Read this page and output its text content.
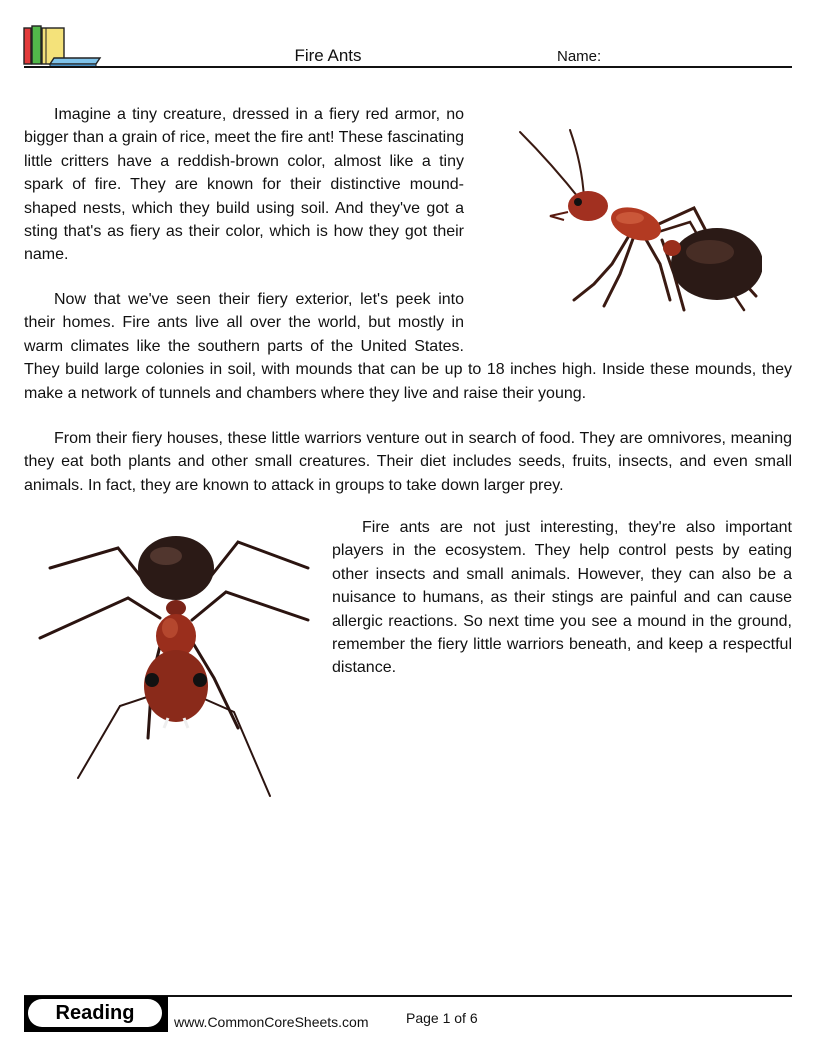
Fire Ants	Name:

Imagine a tiny creature, dressed in a fiery red armor, no bigger than a grain of rice, meet the fire ant! These fascinating little critters have a reddish-brown color, almost like a tiny spark of fire. They are known for their distinctive mound-shaped nests, which they build using soil. And they've got a sting that's as fiery as their color, which is how they got their name.

Now that we've seen their fiery exterior, let's peek into their homes. Fire ants live all over the world, but mostly in warm climates like the southern parts of the United States. They build large colonies in soil, with mounds that can be up to 18 inches high. Inside these mounds, they make a network of tunnels and chambers where they live and raise their young.

From their fiery houses, these little warriors venture out in search of food. They are omnivores, meaning they eat both plants and other small creatures. Their diet includes seeds, fruits, insects, and even small animals. In fact, they are known to attack in groups to take down larger prey.

Fire ants are not just interesting, they're also important players in the ecosystem. They help control pests by eating other insects and small animals. However, they can also be a nuisance to humans, as their stings are painful and can cause allergic reactions. So next time you see a mound in the ground, remember the fiery little warriors beneath, and keep a respectful distance.

Reading	www.CommonCoreSheets.com	Page 1 of 6
